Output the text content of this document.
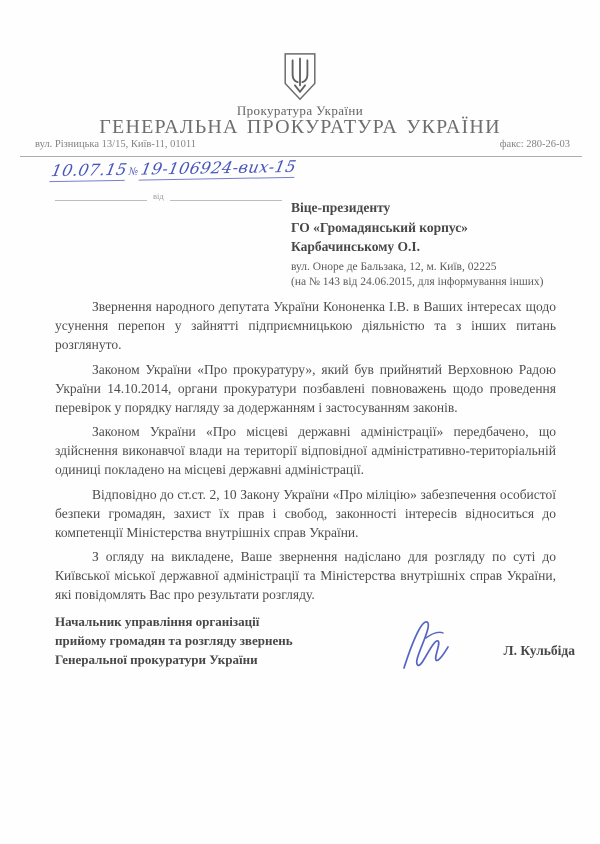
Прокуратура України
ГЕНЕРАЛЬНА ПРОКУРАТУРА УКРАЇНИ
вул. Різницька 13/15, Київ-11, 01011	факс: 280-26-03
10.07.15№19-106924-вих-15
від
Віце-президенту
ГО «Громадянський корпус»
Карбачинському О.І.
вул. Оноре де Бальзака, 12, м. Київ, 02225
(на № 143 від 24.06.2015, для інформування інших)

Звернення народного депутата України Кононенка І.В. в Ваших інтересах щодо усунення перепон у зайнятті підприємницькою діяльністю та з інших питань розглянуто.

Законом України «Про прокуратуру», який був прийнятий Верховною Радою України 14.10.2014, органи прокуратури позбавлені повноважень щодо проведення перевірок у порядку нагляду за додержанням і застосуванням законів.

Законом України «Про місцеві державні адміністрації» передбачено, що здійснення виконавчої влади на території відповідної адміністративно-територіальній одиниці покладено на місцеві державні адміністрації.

Відповідно до ст.ст. 2, 10 Закону України «Про міліцію» забезпечення особистої безпеки громадян, захист їх прав і свобод, законності інтересів відноситься до компетенції Міністерства внутрішніх справ України.

З огляду на викладене, Ваше звернення надіслано для розгляду по суті до Київської міської державної адміністрації та Міністерства внутрішніх справ України, які повідомлять Вас про результати розгляду.

Начальник управління організації
прийому громадян та розгляду звернень
Генеральної прокуратури України
Л. Кульбіда
